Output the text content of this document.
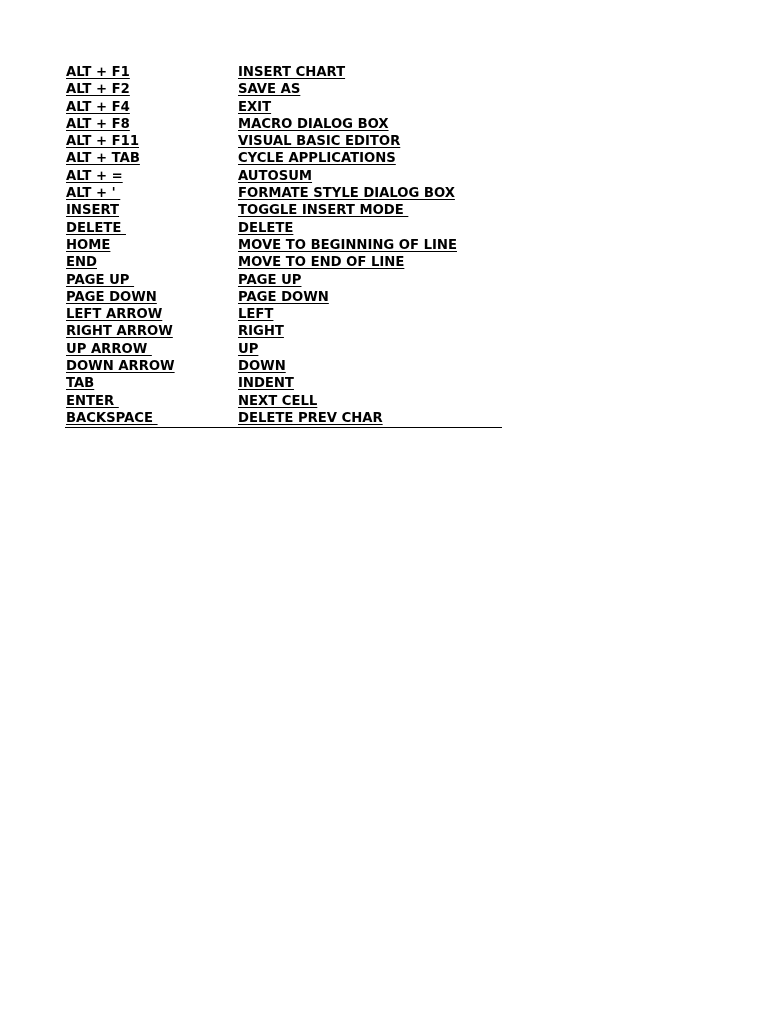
ALT + F1	INSERT CHART
ALT + F2	SAVE AS
ALT + F4	EXIT
ALT + F8	MACRO DIALOG BOX
ALT + F11	VISUAL BASIC EDITOR
ALT + TAB	CYCLE APPLICATIONS
ALT + =	AUTOSUM
ALT + '	FORMATE STYLE DIALOG BOX
INSERT	TOGGLE INSERT MODE
DELETE	DELETE
HOME	MOVE TO BEGINNING OF LINE
END	MOVE TO END OF LINE
PAGE UP	PAGE UP
PAGE DOWN	PAGE DOWN
LEFT ARROW	LEFT
RIGHT ARROW	RIGHT
UP ARROW	UP
DOWN ARROW	DOWN
TAB	INDENT
ENTER	NEXT CELL
BACKSPACE	DELETE PREV CHAR
